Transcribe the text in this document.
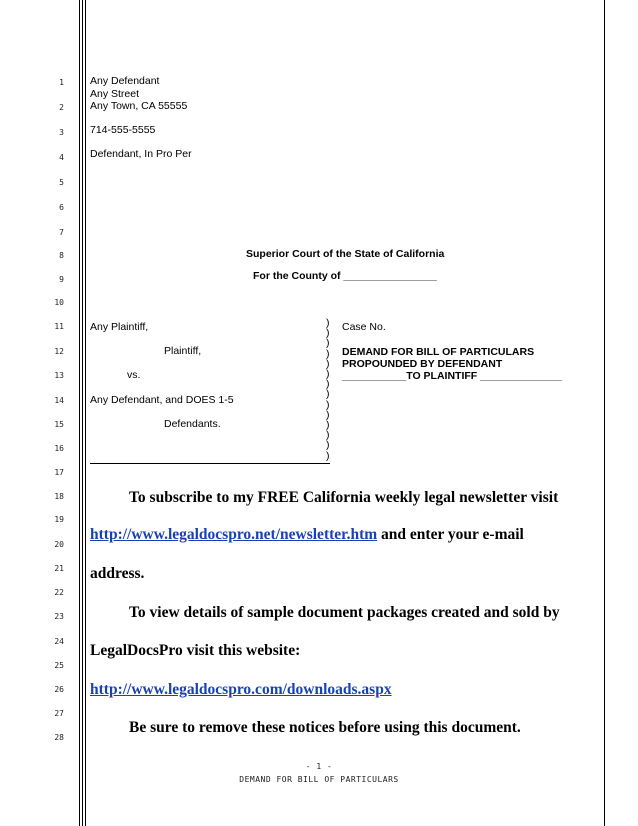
1
2
3
4
5
6
7
8
9
10
11
12
13
14
15
16
17
18
19
20
21
22
23
24
25
26
27
28
Any Defendant
Any Street
Any Town, CA 55555
714-555-5555
Defendant, In Pro Per
Superior Court of the State of California
For the County of ________________
Any Plaintiff,
Plaintiff,
vs.
Any Defendant, and DOES 1-5
Defendants.
)
)
)
)
)
)
)
)
)
)
)
)
)
)
Case No.
DEMAND FOR BILL OF PARTICULARS
PROPOUNDED BY DEFENDANT
___________TO PLAINTIFF ______________
To subscribe to my FREE California weekly legal newsletter visit
http://www.legaldocspro.net/newsletter.htm and enter your e-mail
address.
To view details of sample document packages created and sold by
LegalDocsPro visit this website:
http://www.legaldocspro.com/downloads.aspx
Be sure to remove these notices before using this document.
- 1 -
DEMAND FOR BILL OF PARTICULARS
